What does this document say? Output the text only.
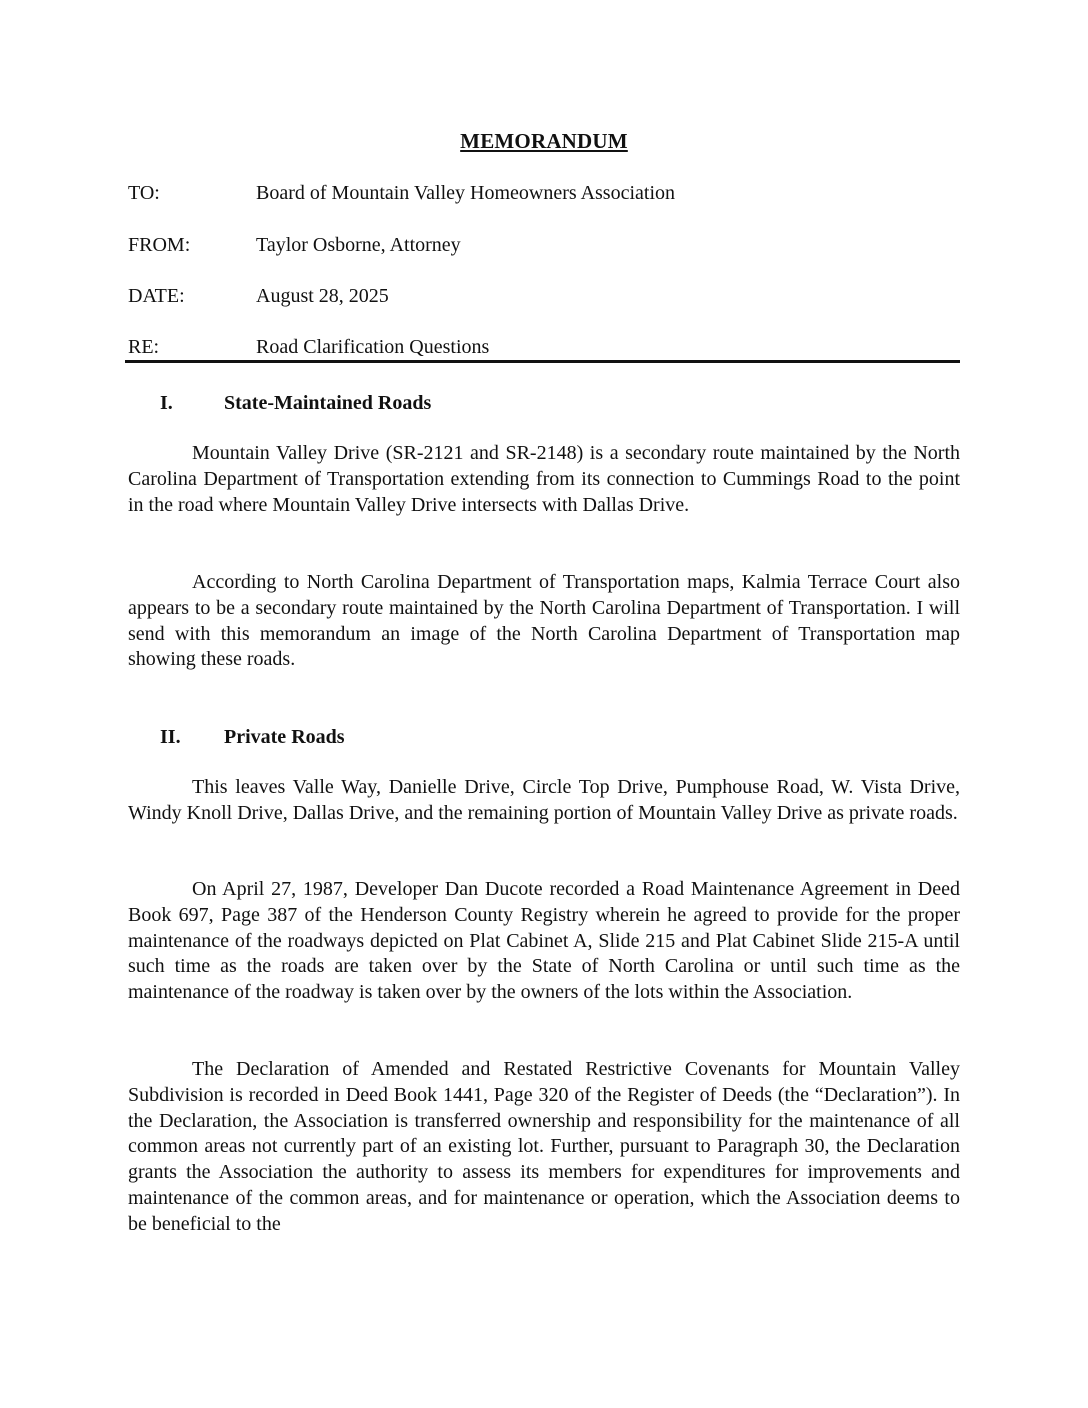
MEMORANDUM
TO:	Board of Mountain Valley Homeowners Association
FROM:	Taylor Osborne, Attorney
DATE:	August 28, 2025
RE:	Road Clarification Questions
I.	State-Maintained Roads

Mountain Valley Drive (SR-2121 and SR-2148) is a secondary route maintained by the North Carolina Department of Transportation extending from its connection to Cummings Road to the point in the road where Mountain Valley Drive intersects with Dallas Drive.

According to North Carolina Department of Transportation maps, Kalmia Terrace Court also appears to be a secondary route maintained by the North Carolina Department of Transportation. I will send with this memorandum an image of the North Carolina Department of Transportation map showing these roads.

II. Private Roads

This leaves Valle Way, Danielle Drive, Circle Top Drive, Pumphouse Road, W. Vista Drive, Windy Knoll Drive, Dallas Drive, and the remaining portion of Mountain Valley Drive as private roads.

On April 27, 1987, Developer Dan Ducote recorded a Road Maintenance Agreement in Deed Book 697, Page 387 of the Henderson County Registry wherein he agreed to provide for the proper maintenance of the roadways depicted on Plat Cabinet A, Slide 215 and Plat Cabinet Slide 215-A until such time as the roads are taken over by the State of North Carolina or until such time as the maintenance of the roadway is taken over by the owners of the lots within the Association.

The Declaration of Amended and Restated Restrictive Covenants for Mountain Valley Subdivision is recorded in Deed Book 1441, Page 320 of the Register of Deeds (the “Declaration”). In the Declaration, the Association is transferred ownership and responsibility for the maintenance of all common areas not currently part of an existing lot. Further, pursuant to Paragraph 30, the Declaration grants the Association the authority to assess its members for expenditures for improvements and maintenance of the common areas, and for maintenance or operation, which the Association deems to be beneficial to the
